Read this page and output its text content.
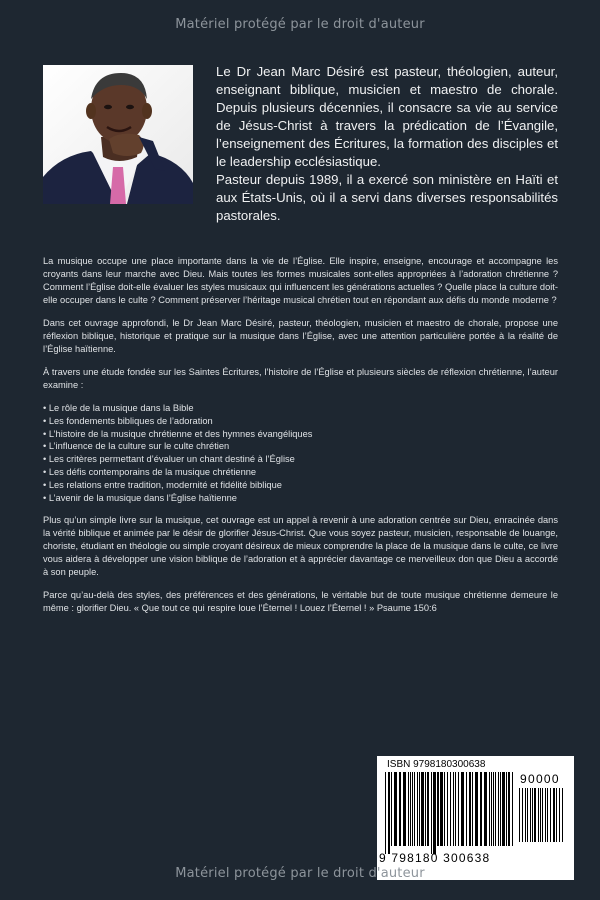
Matériel protégé par le droit d'auteur

Le Dr Jean Marc Désiré est pasteur, théologien, auteur, enseignant biblique, musicien et maestro de chorale. Depuis plusieurs décennies, il consacre sa vie au service de Jésus-Christ à travers la prédication de l’Évangile, l’enseignement des Écritures, la formation des disciples et le leadership ecclésiastique.

Pasteur depuis 1989, il a exercé son ministère en Haïti et aux États-Unis, où il a servi dans diverses responsabilités pastorales.

La musique occupe une place importante dans la vie de l’Église. Elle inspire, enseigne, encourage et accompagne les croyants dans leur marche avec Dieu. Mais toutes les formes musicales sont-elles appropriées à l’adoration chrétienne ? Comment l’Église doit-elle évaluer les styles musicaux qui influencent les générations actuelles ? Quelle place la culture doit-elle occuper dans le culte ? Comment préserver l’héritage musical chrétien tout en répondant aux défis du monde moderne ?

Dans cet ouvrage approfondi, le Dr Jean Marc Désiré, pasteur, théologien, musicien et maestro de chorale, propose une réflexion biblique, historique et pratique sur la musique dans l’Église, avec une attention particulière portée à la réalité de l’Église haïtienne.

À travers une étude fondée sur les Saintes Écritures, l’histoire de l’Église et plusieurs siècles de réflexion chrétienne, l’auteur examine :

• Le rôle de la musique dans la Bible
• Les fondements bibliques de l’adoration
• L’histoire de la musique chrétienne et des hymnes évangéliques
• L’influence de la culture sur le culte chrétien
• Les critères permettant d’évaluer un chant destiné à l’Église
• Les défis contemporains de la musique chrétienne
• Les relations entre tradition, modernité et fidélité biblique
• L’avenir de la musique dans l’Église haïtienne

Plus qu’un simple livre sur la musique, cet ouvrage est un appel à revenir à une adoration centrée sur Dieu, enracinée dans la vérité biblique et animée par le désir de glorifier Jésus-Christ. Que vous soyez pasteur, musicien, responsable de louange, choriste, étudiant en théologie ou simple croyant désireux de mieux comprendre la place de la musique dans le culte, ce livre vous aidera à développer une vision biblique de l’adoration et à apprécier davantage ce merveilleux don que Dieu a accordé à son peuple.

Parce qu’au-delà des styles, des préférences et des générations, le véritable but de toute musique chrétienne demeure le même : glorifier Dieu. « Que tout ce qui respire loue l’Éternel ! Louez l’Éternel ! » Psaume 150:6

ISBN 9798180300638
9 798180 300638
90000
Matériel protégé par le droit d'auteur
